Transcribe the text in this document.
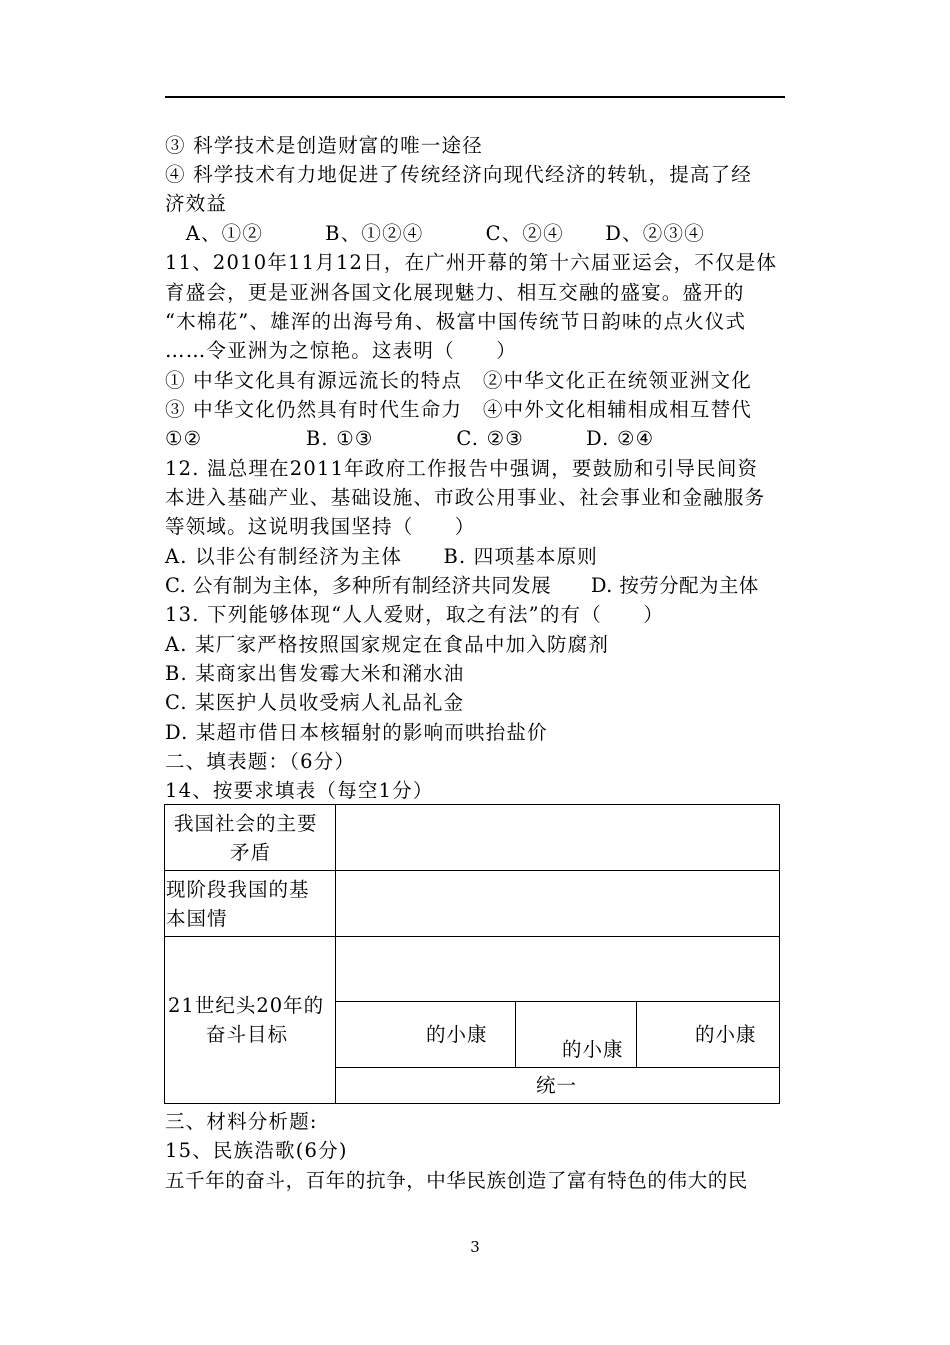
③ 科学技术是创造财富的唯一途径
④ 科学技术有力地促进了传统经济向现代经济的转轨，提高了经
济效益
　A、①②　　　B、①②④　　　C、②④　　D、②③④
11、2010年11月12日，在广州开幕的第十六届亚运会，不仅是体
育盛会，更是亚洲各国文化展现魅力、相互交融的盛宴。盛开的
“木棉花”、雄浑的出海号角、极富中国传统节日韵味的点火仪式
……令亚洲为之惊艳。这表明（　　）
① 中华文化具有源远流长的特点　②中华文化正在统领亚洲文化
③ 中华文化仍然具有时代生命力　④中外文化相辅相成相互替代
①②　　　　　B. ①③　　　　C. ②③　　　D. ②④
12. 温总理在2011年政府工作报告中强调，要鼓励和引导民间资
本进入基础产业、基础设施、市政公用事业、社会事业和金融服务
等领域。这说明我国坚持（　　）
A. 以非公有制经济为主体　　B. 四项基本原则
C. 公有制为主体，多种所有制经济共同发展　　D. 按劳分配为主体
13. 下列能够体现“人人爱财，取之有法”的有（　　）
A. 某厂家严格按照国家规定在食品中加入防腐剂
B. 某商家出售发霉大米和潲水油
C. 某医护人员收受病人礼品礼金
D. 某超市借日本核辐射的影响而哄抬盐价
二、填表题：（6分）
14、按要求填表（每空1分）
我国社会的主要
矛盾
现阶段我国的基
本国情
21世纪头20年的
奋斗目标	的小康
的小康
的小康
统一
三、材料分析题:
15、民族浩歌(6分)
五千年的奋斗，百年的抗争，中华民族创造了富有特色的伟大的民
3
